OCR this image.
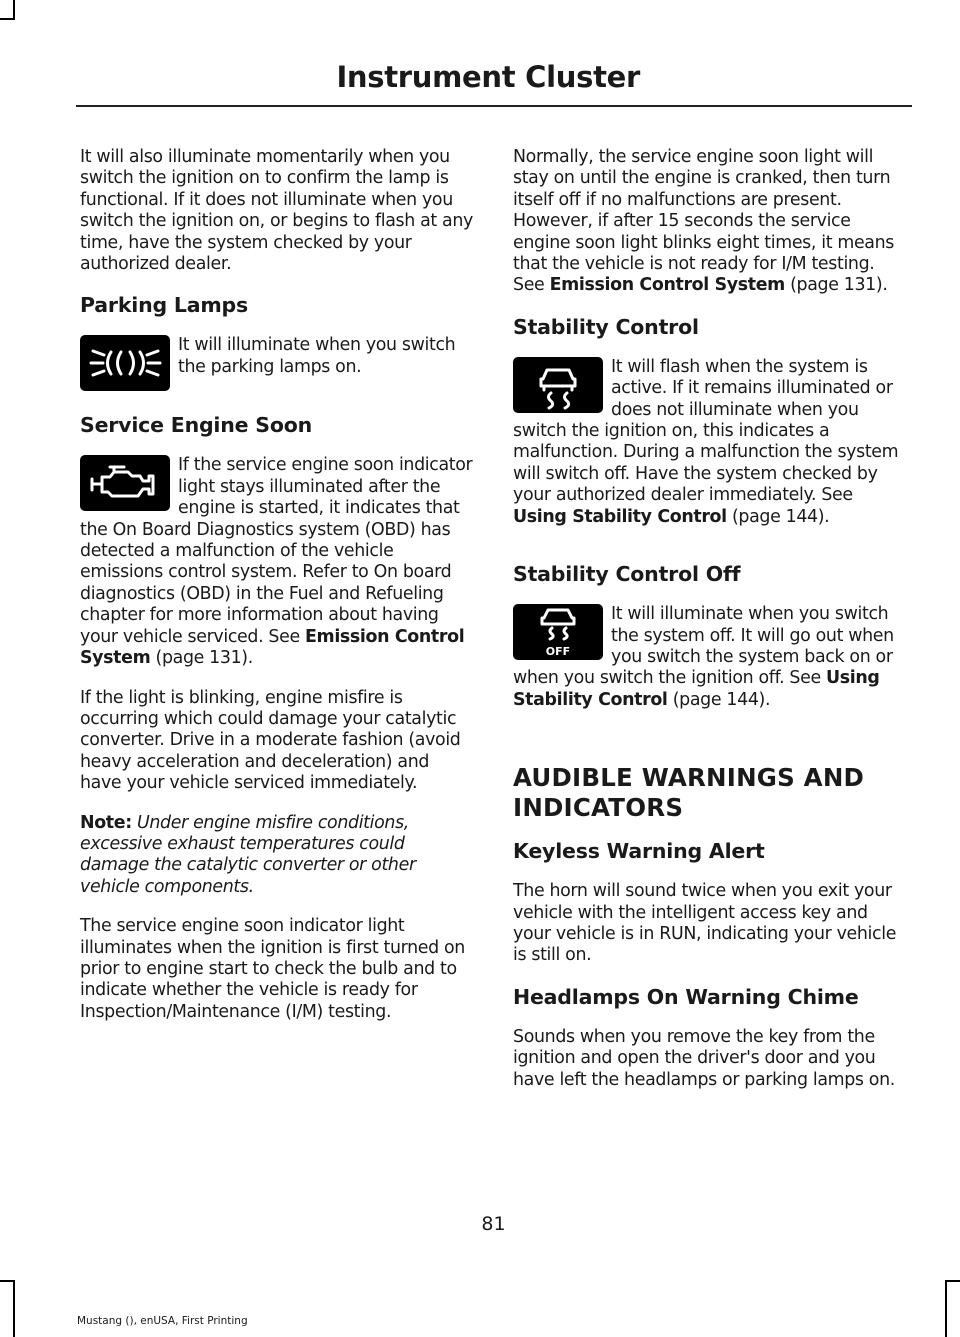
Instrument Cluster

It will also illuminate momentarily when you switch the ignition on to confirm the lamp is functional. If it does not illuminate when you switch the ignition on, or begins to flash at any time, have the system checked by your authorized dealer.

Parking Lamps

It will illuminate when you switch the parking lamps on.

Service Engine Soon

If the service engine soon indicator light stays illuminated after the engine is started, it indicates that the On Board Diagnostics system (OBD) has detected a malfunction of the vehicle emissions control system. Refer to On board diagnostics (OBD) in the Fuel and Refueling chapter for more information about having your vehicle serviced. See Emission Control System (page 131).

If the light is blinking, engine misfire is occurring which could damage your catalytic converter. Drive in a moderate fashion (avoid heavy acceleration and deceleration) and have your vehicle serviced immediately.

Note: Under engine misfire conditions, excessive exhaust temperatures could damage the catalytic converter or other vehicle components.

The service engine soon indicator light illuminates when the ignition is first turned on prior to engine start to check the bulb and to indicate whether the vehicle is ready for Inspection/Maintenance (I/M) testing.

Normally, the service engine soon light will stay on until the engine is cranked, then turn itself off if no malfunctions are present. However, if after 15 seconds the service engine soon light blinks eight times, it means that the vehicle is not ready for I/M testing. See Emission Control System (page 131).

Stability Control

It will flash when the system is active. If it remains illuminated or does not illuminate when you switch the ignition on, this indicates a malfunction. During a malfunction the system will switch off. Have the system checked by your authorized dealer immediately. See Using Stability Control (page 144).

Stability Control Off
OFF

It will illuminate when you switch the system off. It will go out when you switch the system back on or when you switch the ignition off. See Using Stability Control (page 144).

AUDIBLE WARNINGS AND
INDICATORS
Keyless Warning Alert

The horn will sound twice when you exit your vehicle with the intelligent access key and your vehicle is in RUN, indicating your vehicle is still on.

Headlamps On Warning Chime

Sounds when you remove the key from the ignition and open the driver's door and you have left the headlamps or parking lamps on.

81
Mustang (), enUSA, First Printing
